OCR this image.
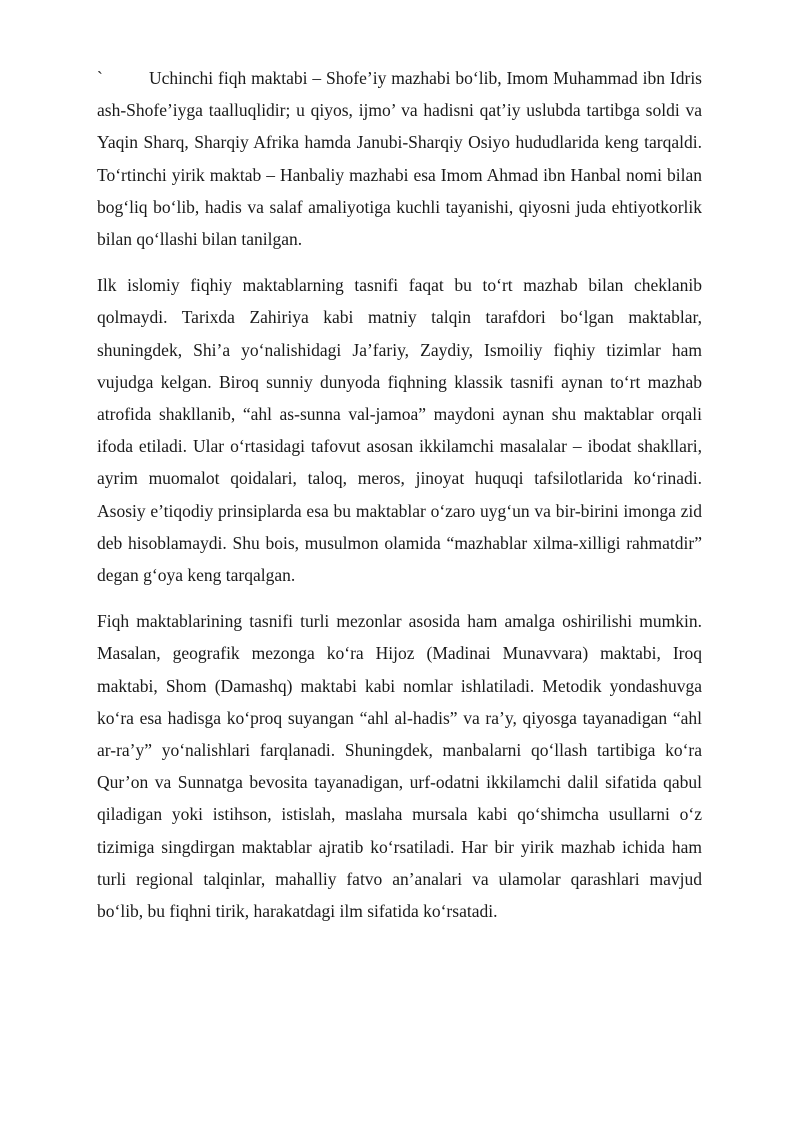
`	Uchinchi fiqh maktabi – Shofe’iy mazhabi boʻlib, Imom Muhammad ibn Idris ash-Shofe’iyga taalluqlidir; u qiyos, ijmo’ va hadisni qat’iy uslubda tartibga soldi va Yaqin Sharq, Sharqiy Afrika hamda Janubi-Sharqiy Osiyo hududlarida keng tarqaldi. Toʻrtinchi yirik maktab – Hanbaliy mazhabi esa Imom Ahmad ibn Hanbal nomi bilan bogʻliq boʻlib, hadis va salaf amaliyotiga kuchli tayanishi, qiyosni juda ehtiyotkorlik bilan qoʻllashi bilan tanilgan.

Ilk islomiy fiqhiy maktablarning tasnifi faqat bu toʻrt mazhab bilan cheklanib qolmaydi. Tarixda Zahiriya kabi matniy talqin tarafdori boʻlgan maktablar, shuningdek, Shi’a yoʻnalishidagi Ja’fariy, Zaydiy, Ismoiliy fiqhiy tizimlar ham vujudga kelgan. Biroq sunniy dunyoda fiqhning klassik tasnifi aynan toʻrt mazhab atrofida shakllanib, “ahl as-sunna val-jamoa” maydoni aynan shu maktablar orqali ifoda etiladi. Ular oʻrtasidagi tafovut asosan ikkilamchi masalalar – ibodat shakllari, ayrim muomalot qoidalari, taloq, meros, jinoyat huquqi tafsilotlarida koʻrinadi. Asosiy e’tiqodiy prinsiplarda esa bu maktablar oʻzaro uygʻun va bir-birini imonga zid deb hisoblamaydi. Shu bois, musulmon olamida “mazhablar xilma-xilligi rahmatdir” degan gʻoya keng tarqalgan.

Fiqh maktablarining tasnifi turli mezonlar asosida ham amalga oshirilishi mumkin. Masalan, geografik mezonga koʻra Hijoz (Madinai Munavvara) maktabi, Iroq maktabi, Shom (Damashq) maktabi kabi nomlar ishlatiladi. Metodik yondashuvga koʻra esa hadisga koʻproq suyangan “ahl al-hadis” va ra’y, qiyosga tayanadigan “ahl ar-ra’y” yoʻnalishlari farqlanadi. Shuningdek, manbalarni qoʻllash tartibiga koʻra Qur’on va Sunnatga bevosita tayanadigan, urf-odatni ikkilamchi dalil sifatida qabul qiladigan yoki istihson, istislah, maslaha mursala kabi qoʻshimcha usullarni oʻz tizimiga singdirgan maktablar ajratib koʻrsatiladi. Har bir yirik mazhab ichida ham turli regional talqinlar, mahalliy fatvo an’analari va ulamolar qarashlari mavjud boʻlib, bu fiqhni tirik, harakatdagi ilm sifatida koʻrsatadi.
